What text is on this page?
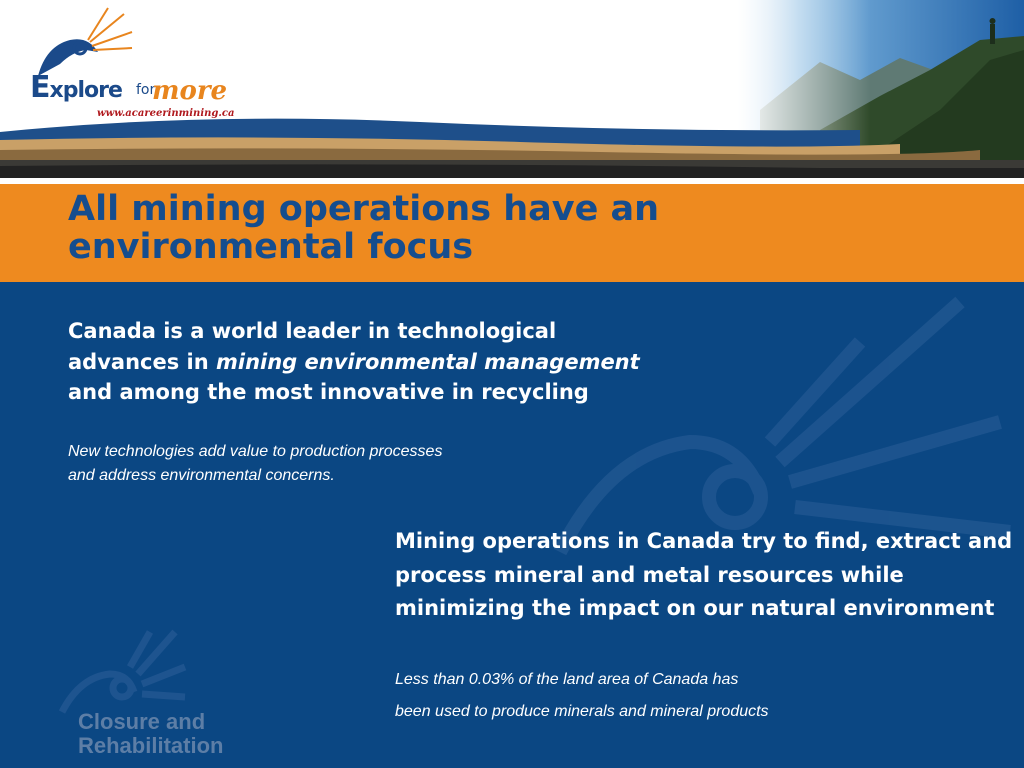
Explore for
more
www.acareerinmining.ca
All mining operations have an
environmental focus

Canada is a world leader in technological advances in mining environmental management and among the most innovative in recycling

New technologies add value to production processes
and address environmental concerns.

Mining operations in Canada try to find, extract and process mineral and metal resources while minimizing the impact on our natural environment

Less than 0.03% of the land area of Canada has
been used to produce minerals and mineral products

Closure and
Rehabilitation
